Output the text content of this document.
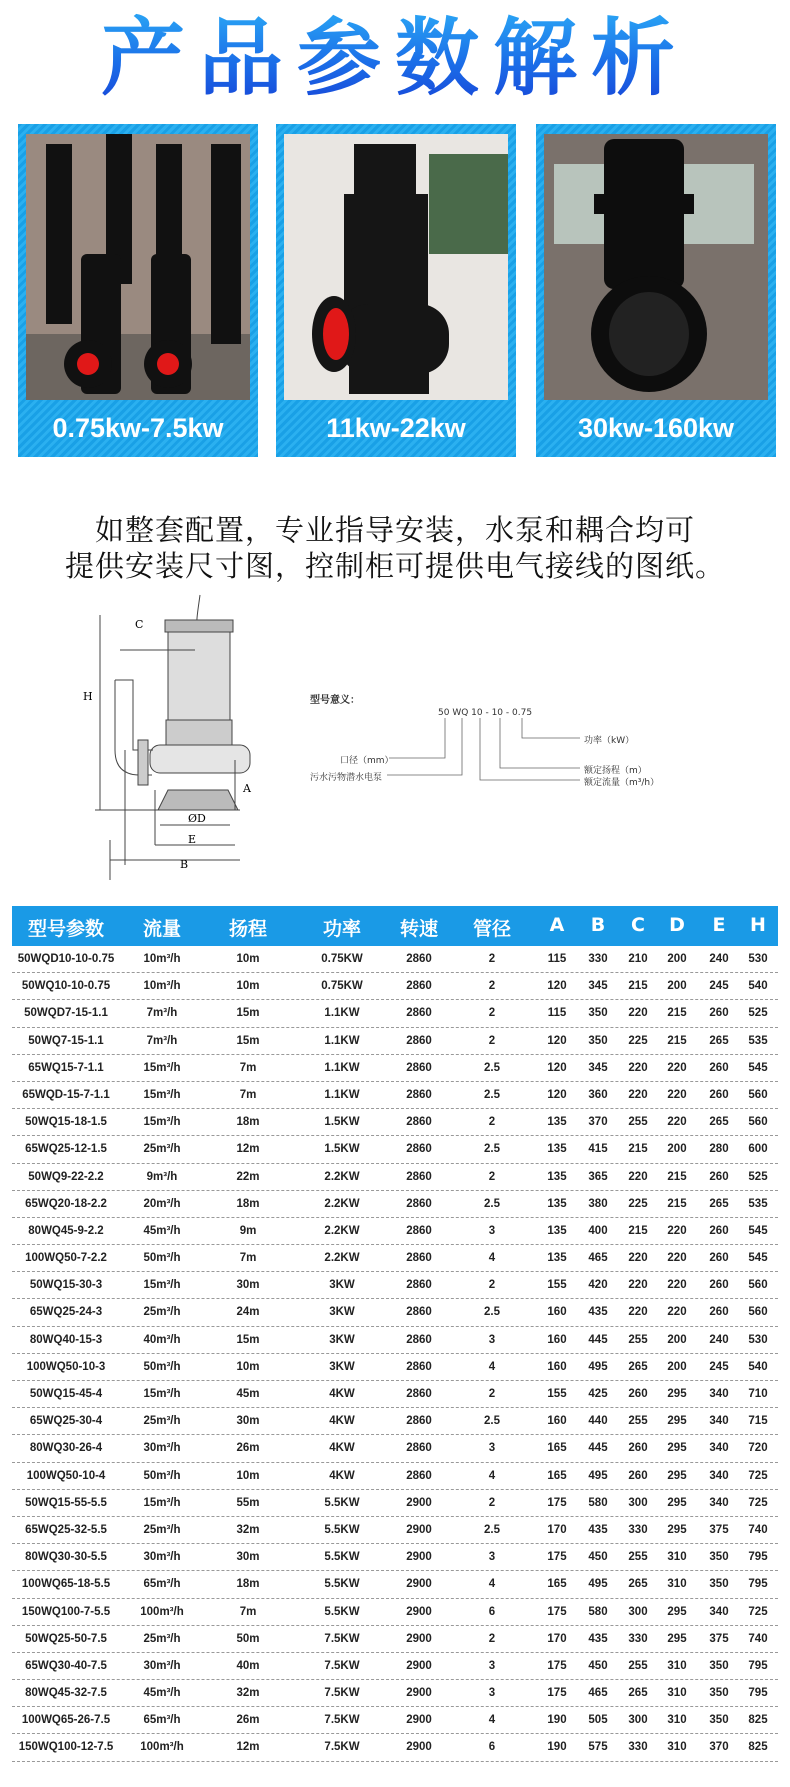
产品参数解析
0.75kw-7.5kw	11kw-22kw	30kw-160kw
如整套配置，专业指导安装，水泵和耦合均可
提供安装尺寸图，控制柜可提供电气接线的图纸。
C
H
A
ØD
E
B
型号意义：
50 WQ 10 - 10 - 0.75
口径（mm）
污水污物潜水电泵
功率（kW）
额定扬程（m）
额定流量（m³/h）
型号参数 流量	扬程	功率 转速 管径 A B C D E H
50WQD10-10-0.75	10m³/h	10m	0.75KW	2860	2	115 330 210 200 240 530
50WQ10-10-0.75	10m³/h	10m	0.75KW	2860	2	120 345 215 200 245 540
50WQD7-15-1.1	7m³/h	15m	1.1KW	2860	2	115 350 220 215 260 525
50WQ7-15-1.1	7m³/h	15m	1.1KW	2860	2	120 350 225 215 265 535
65WQ15-7-1.1	15m³/h	7m	1.1KW	2860	2.5	120 345 220 220 260 545
65WQD-15-7-1.1	15m³/h	7m	1.1KW	2860	2.5	120 360 220 220 260 560
50WQ15-18-1.5	15m³/h	18m	1.5KW	2860	2	135 370 255 220 265 560
65WQ25-12-1.5	25m³/h	12m	1.5KW	2860	2.5	135 415 215 200 280 600
50WQ9-22-2.2	9m³/h	22m	2.2KW	2860	2	135 365 220 215 260 525
65WQ20-18-2.2	20m³/h	18m	2.2KW	2860	2.5	135 380 225 215 265 535
80WQ45-9-2.2	45m³/h	9m	2.2KW	2860	3	135 400 215 220 260 545
100WQ50-7-2.2	50m³/h	7m	2.2KW	2860	4	135 465 220 220 260 545
50WQ15-30-3	15m³/h	30m	3KW	2860	2	155 420 220 220 260 560
65WQ25-24-3	25m³/h	24m	3KW	2860	2.5	160 435 220 220 260 560
80WQ40-15-3	40m³/h	15m	3KW	2860	3	160 445 255 200 240 530
100WQ50-10-3	50m³/h	10m	3KW	2860	4	160 495 265 200 245 540
50WQ15-45-4	15m³/h	45m	4KW	2860	2	155 425 260 295 340 710
65WQ25-30-4	25m³/h	30m	4KW	2860	2.5	160 440 255 295 340 715
80WQ30-26-4	30m³/h	26m	4KW	2860	3	165 445 260 295 340 720
100WQ50-10-4	50m³/h	10m	4KW	2860	4	165 495 260 295 340 725
50WQ15-55-5.5	15m³/h	55m	5.5KW	2900	2	175 580 300 295 340 725
65WQ25-32-5.5	25m³/h	32m	5.5KW	2900	2.5	170 435 330 295 375 740
80WQ30-30-5.5	30m³/h	30m	5.5KW	2900	3	175 450 255 310 350 795
100WQ65-18-5.5	65m³/h	18m	5.5KW	2900	4	165 495 265 310 350 795
150WQ100-7-5.5	100m³/h	7m	5.5KW	2900	6	175 580 300 295 340 725
50WQ25-50-7.5	25m³/h	50m	7.5KW	2900	2	170 435 330 295 375 740
65WQ30-40-7.5	30m³/h	40m	7.5KW	2900	3	175 450 255 310 350 795
80WQ45-32-7.5	45m³/h	32m	7.5KW	2900	3	175 465 265 310 350 795
100WQ65-26-7.5	65m³/h	26m	7.5KW	2900	4	190 505 300 310 350 825
150WQ100-12-7.5 100m³/h	12m	7.5KW	2900	6	190 575 330 310 370 825
